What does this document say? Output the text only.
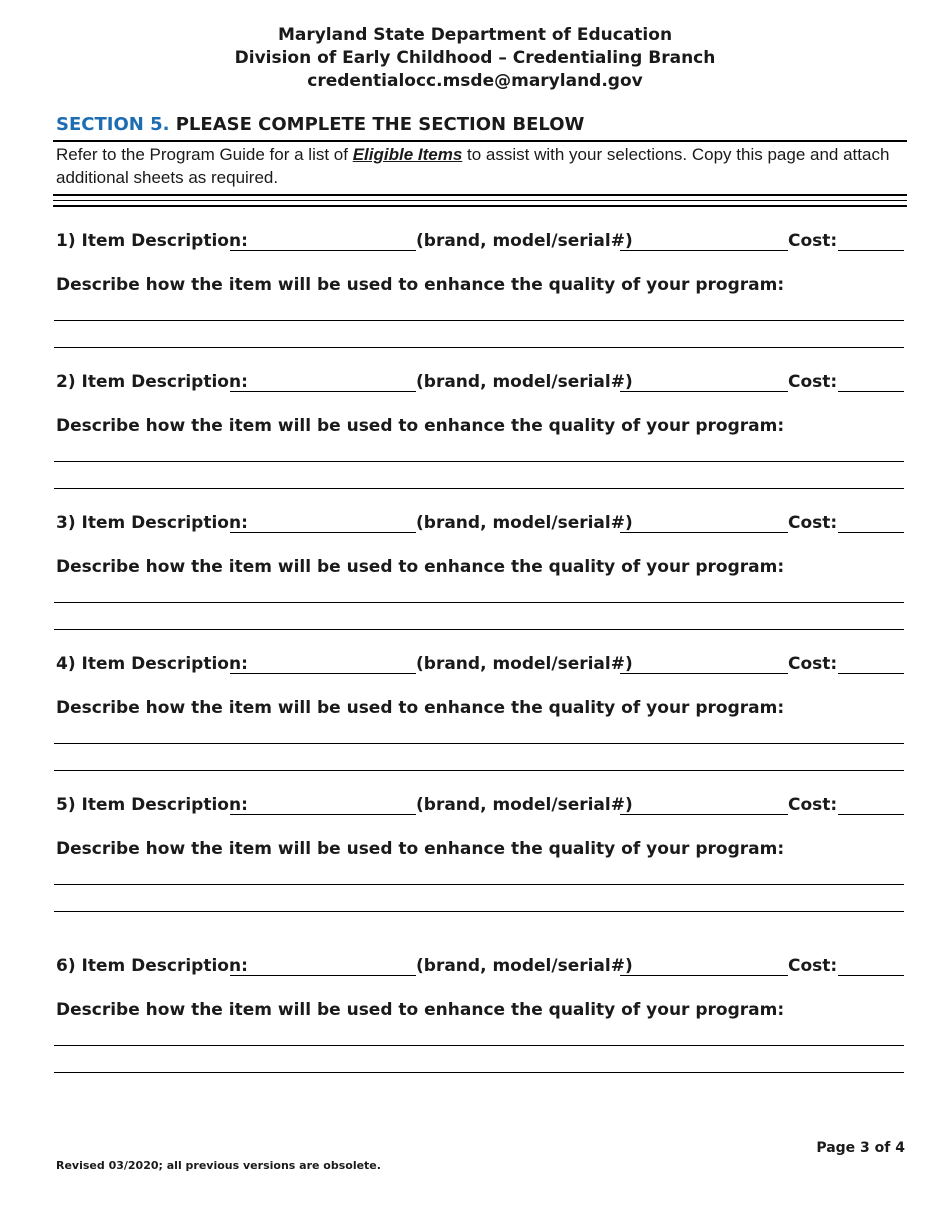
Maryland State Department of Education
Division of Early Childhood – Credentialing Branch
credentialocc.msde@maryland.gov
SECTION 5. PLEASE COMPLETE THE SECTION BELOW
Refer to the Program Guide for a list of Eligible Items to assist with your selections. Copy this page and attach additional sheets as required.
1) Item Description:	(brand, model/serial#)	Cost:
Describe how the item will be used to enhance the quality of your program:
2) Item Description:	(brand, model/serial#)	Cost:
Describe how the item will be used to enhance the quality of your program:
3) Item Description:	(brand, model/serial#)	Cost:
Describe how the item will be used to enhance the quality of your program:
4) Item Description:	(brand, model/serial#)	Cost:
Describe how the item will be used to enhance the quality of your program:
5) Item Description:	(brand, model/serial#)	Cost:
Describe how the item will be used to enhance the quality of your program:
6) Item Description:	(brand, model/serial#)	Cost:
Describe how the item will be used to enhance the quality of your program:
Page 3 of 4
Revised 03/2020; all previous versions are obsolete.
